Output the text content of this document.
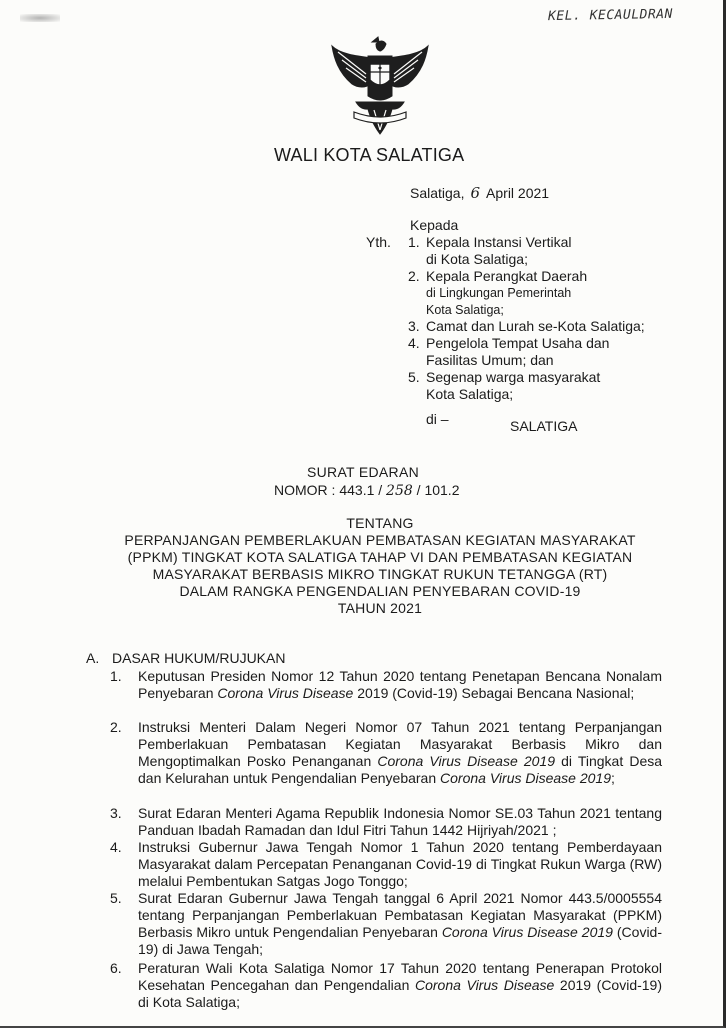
KEL. KECAULDRAN
WALI KOTA SALATIGA
Salatiga, 6 April 2021
Kepada
Yth. 1. Kepala Instansi Vertikal
di Kota Salatiga;
2. Kepala Perangkat Daerah
di Lingkungan Pemerintah
Kota Salatiga;
3. Camat dan Lurah se-Kota Salatiga;
4. Pengelola Tempat Usaha dan
Fasilitas Umum; dan
5. Segenap warga masyarakat
Kota Salatiga;
di –	SALATIGA
SURAT EDARAN
NOMOR : 443.1 / 258 / 101.2
TENTANG
PERPANJANGAN PEMBERLAKUAN PEMBATASAN KEGIATAN MASYARAKAT
(PPKM) TINGKAT KOTA SALATIGA TAHAP VI DAN PEMBATASAN KEGIATAN
MASYARAKAT BERBASIS MIKRO TINGKAT RUKUN TETANGGA (RT)
DALAM RANGKA PENGENDALIAN PENYEBARAN COVID-19
TAHUN 2021
A. DASAR HUKUM/RUJUKAN
1. Keputusan Presiden Nomor 12 Tahun 2020 tentang Penetapan Bencana Nonalam Penyebaran Corona Virus Disease 2019 (Covid-19) Sebagai Bencana Nasional;
2. Instruksi Menteri Dalam Negeri Nomor 07 Tahun 2021 tentang Perpanjangan Pemberlakuan Pembatasan Kegiatan Masyarakat Berbasis Mikro dan Mengoptimalkan Posko Penanganan Corona Virus Disease 2019 di Tingkat Desa dan Kelurahan untuk Pengendalian Penyebaran Corona Virus Disease 2019;
3. Surat Edaran Menteri Agama Republik Indonesia Nomor SE.03 Tahun 2021 tentang Panduan Ibadah Ramadan dan Idul Fitri Tahun 1442 Hijriyah/2021 ;
4. Instruksi Gubernur Jawa Tengah Nomor 1 Tahun 2020 tentang Pemberdayaan Masyarakat dalam Percepatan Penanganan Covid-19 di Tingkat Rukun Warga (RW) melalui Pembentukan Satgas Jogo Tonggo;
5. Surat Edaran Gubernur Jawa Tengah tanggal 6 April 2021 Nomor 443.5/0005554 tentang Perpanjangan Pemberlakuan Pembatasan Kegiatan Masyarakat (PPKM) Berbasis Mikro untuk Pengendalian Penyebaran Corona Virus Disease 2019 (Covid-19) di Jawa Tengah;
6. Peraturan Wali Kota Salatiga Nomor 17 Tahun 2020 tentang Penerapan Protokol Kesehatan Pencegahan dan Pengendalian Corona Virus Disease 2019 (Covid-19) di Kota Salatiga;
